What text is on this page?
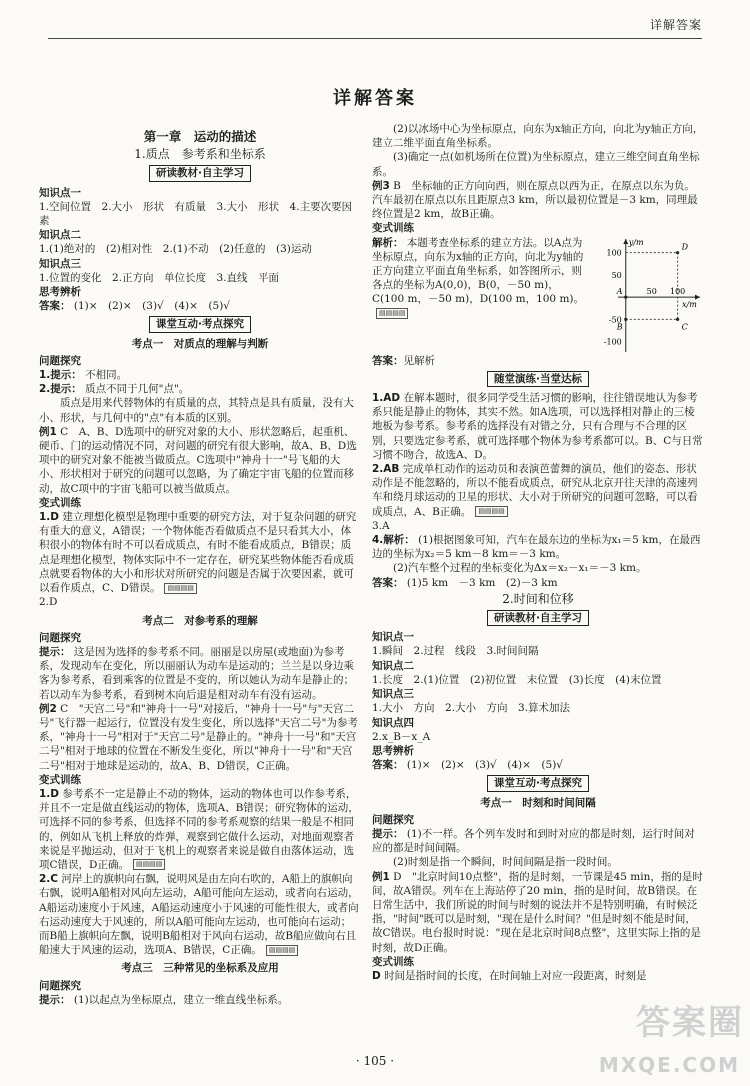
详解答案
详解答案
第一章　运动的描述
1.质点　参考系和坐标系
研读教材·自主学习

知识点一

1.空间位置　2.大小　形状　有质量　3.大小　形状　4.主要次要因素

知识点二

1.(1)绝对的　(2)相对性　2.(1)不动　(2)任意的　(3)运动

知识点三

1.位置的变化　2.正方向　单位长度　3.直线　平面

思考辨析

答案： (1)×　(2)×　(3)√　(4)×　(5)√

课堂互动·考点探究
考点一　对质点的理解与判断

问题探究

1.提示： 不相同。

2.提示： 质点不同于几何"点"。

质点是用来代替物体的有质量的点，其特点是具有质量，没有大小、形状，与几何中的"点"有本质的区别。

例1 C　A、B、D选项中的研究对象的大小、形状忽略后，起重机、硬币、门的运动情况不同，对问题的研究有很大影响，故A、B、D选项中的研究对象不能被当做质点。C选项中"神舟十一"号飞船的大小、形状相对于研究的问题可以忽略，为了确定宇宙飞船的位置而移动，故C项中的宇宙飞船可以被当做质点。

变式训练

1.D 建立理想化模型是物理中重要的研究方法，对于复杂问题的研究有重大的意义，A错误；一个物体能否看做质点不是只看其大小，体积很小的物体有时不可以看成质点，有时不能看成质点，B错误；质点是理想化模型，物体实际中不一定存在，研究某些物体能否看成质点就要看物体的大小和形状对所研究的问题是否属于次要因素，就可以看作质点，C、D错误。 ▤▤▤▤

2.D

考点二　对参考系的理解

问题探究

提示： 这是因为选择的参考系不同。丽丽是以房屋(或地面)为参考系，发现动车在变化，所以丽丽认为动车是运动的；兰兰是以身边乘客为参考系，看到乘客的位置是不变的，所以她认为动车是静止的；若以动车为参考系，看到树木向后退是相对动车有没有运动。

例2 C　"天宫二号"和"神舟十一号"对接后，"神舟十一号"与"天宫二号"飞行器一起运行，位置没有发生变化，所以选择"天宫二号"为参考系，"神舟十一号"相对于"天宫二号"是静止的。"神舟十一号"和"天宫二号"相对于地球的位置在不断发生变化，所以"神舟十一号"和"天宫二号"相对于地球是运动的，故A、B、D错误，C正确。

变式训练

1.D 参考系不一定是静止不动的物体，运动的物体也可以作参考系，并且不一定是做直线运动的物体，选项A、B错误；研究物体的运动，可选择不同的参考系，但选择不同的参考系观察的结果一般是不相同的，例如从飞机上释放的炸弹，观察到它做什么运动，对地面观察者来说是平抛运动，但对于飞机上的观察者来说是做自由落体运动，选项C错误，D正确。 ▤▤▤▤

2.C 河岸上的旗帜向右飘，说明风是由左向右吹的，A船上的旗帜向右飘，说明A船相对风向左运动，A船可能向左运动，或者向右运动，A船运动速度小于风速，A船运动速度小于风速的可能性很大，或者向右运动速度大于风速的，所以A船可能向左运动，也可能向右运动；而B船上旗帜向左飘，说明B船相对于风向右运动，故B船应做向右且船速大于风速的运动，选项A、B错误，C正确。 ▤▤▤▤

考点三　三种常见的坐标系及应用

问题探究

提示： (1)以起点为坐标原点，建立一维直线坐标系。

(2)以冰场中心为坐标原点，向东为x轴正方向，向北为y轴正方向，建立二维平面直角坐标系。

(3)确定一点(如机场所在位置)为坐标原点，建立三维空间直角坐标系。

例3 B　坐标轴的正方向向西，则在原点以西为正，在原点以东为负。汽车最初在原点以东且距原点3 km，所以最初位置是－3 km，同理最终位置是2 km，故B正确。

变式训练

解析： 本题考查坐标系的建立方法。以A点为坐标原点，向东为x轴的正方向，向北为y轴的正方向建立平面直角坐标系，如答图所示，则各点的坐标为A(0,0)，B(0，－50 m)，C(100 m，－50 m)，D(100 m，100 m)。▤▤▤▤

y/m
x/m
100
50
-50
-100
50 100
A
B	C
D

答案：见解析

随堂演练·当堂达标

1.AD 在解本题时，很多同学受生活习惯的影响，往往错误地认为参考系只能是静止的物体，其实不然。如A选项，可以选择相对静止的三棱地板为参考系。参考系的选择没有对错之分，只有合理与不合理的区别，只要选定参考系，就可选择哪个物体为参考系都可以。B、C与日常习惯不吻合，故选A、D。

2.AB 完成单杠动作的运动员和表演芭蕾舞的演员，他们的姿态、形状动作是不能忽略的，所以不能看成质点，研究从北京开往天津的高速列车和绕月球运动的卫星的形状、大小对于所研究的问题可忽略，可以看成质点，A、B正确。 ▤▤▤▤

3.A

4.解析： (1)根据图象可知，汽车在最东边的坐标为x₁＝5 km，在最西边的坐标为x₂＝5 km－8 km＝－3 km。

(2)汽车整个过程的坐标变化为Δx＝x₂－x₁＝－3 km。

答案： (1)5 km　－3 km　(2)－3 km

2.时间和位移
研读教材·自主学习

知识点一

1.瞬间　2.过程　线段　3.时间间隔

知识点二

1.长度　2.(1)位置　(2)初位置　末位置　(3)长度　(4)末位置

知识点三

1.大小　方向　2.大小　方向　3.算术加法

知识点四

2.x_B－x_A

思考辨析

答案： (1)×　(2)×　(3)√　(4)×　(5)√

课堂互动·考点探究
考点一　时刻和时间间隔

问题探究

提示： (1)不一样。各个列车发时和到时对应的都是时刻，运行时间对应的都是时间间隔。

(2)时刻是指一个瞬间，时间间隔是指一段时间。

例1 D　"北京时间10点整"，指的是时刻，一节课是45 min，指的是时间，故A错误。列车在上海站停了20 min，指的是时间，故B错误。在日常生活中，我们所说的时间与时刻的说法并不是特别明确，有时候泛指，"时间"既可以是时刻，"现在是什么时间？"但是时刻不能是时间，故C错误。电台报时时说："现在是北京时间8点整"，这里实际上指的是时刻，故D正确。

变式训练

D 时间是指时间的长度，在时间轴上对应一段距离，时刻是

· 105 ·
答案圈
MXQE.COM
